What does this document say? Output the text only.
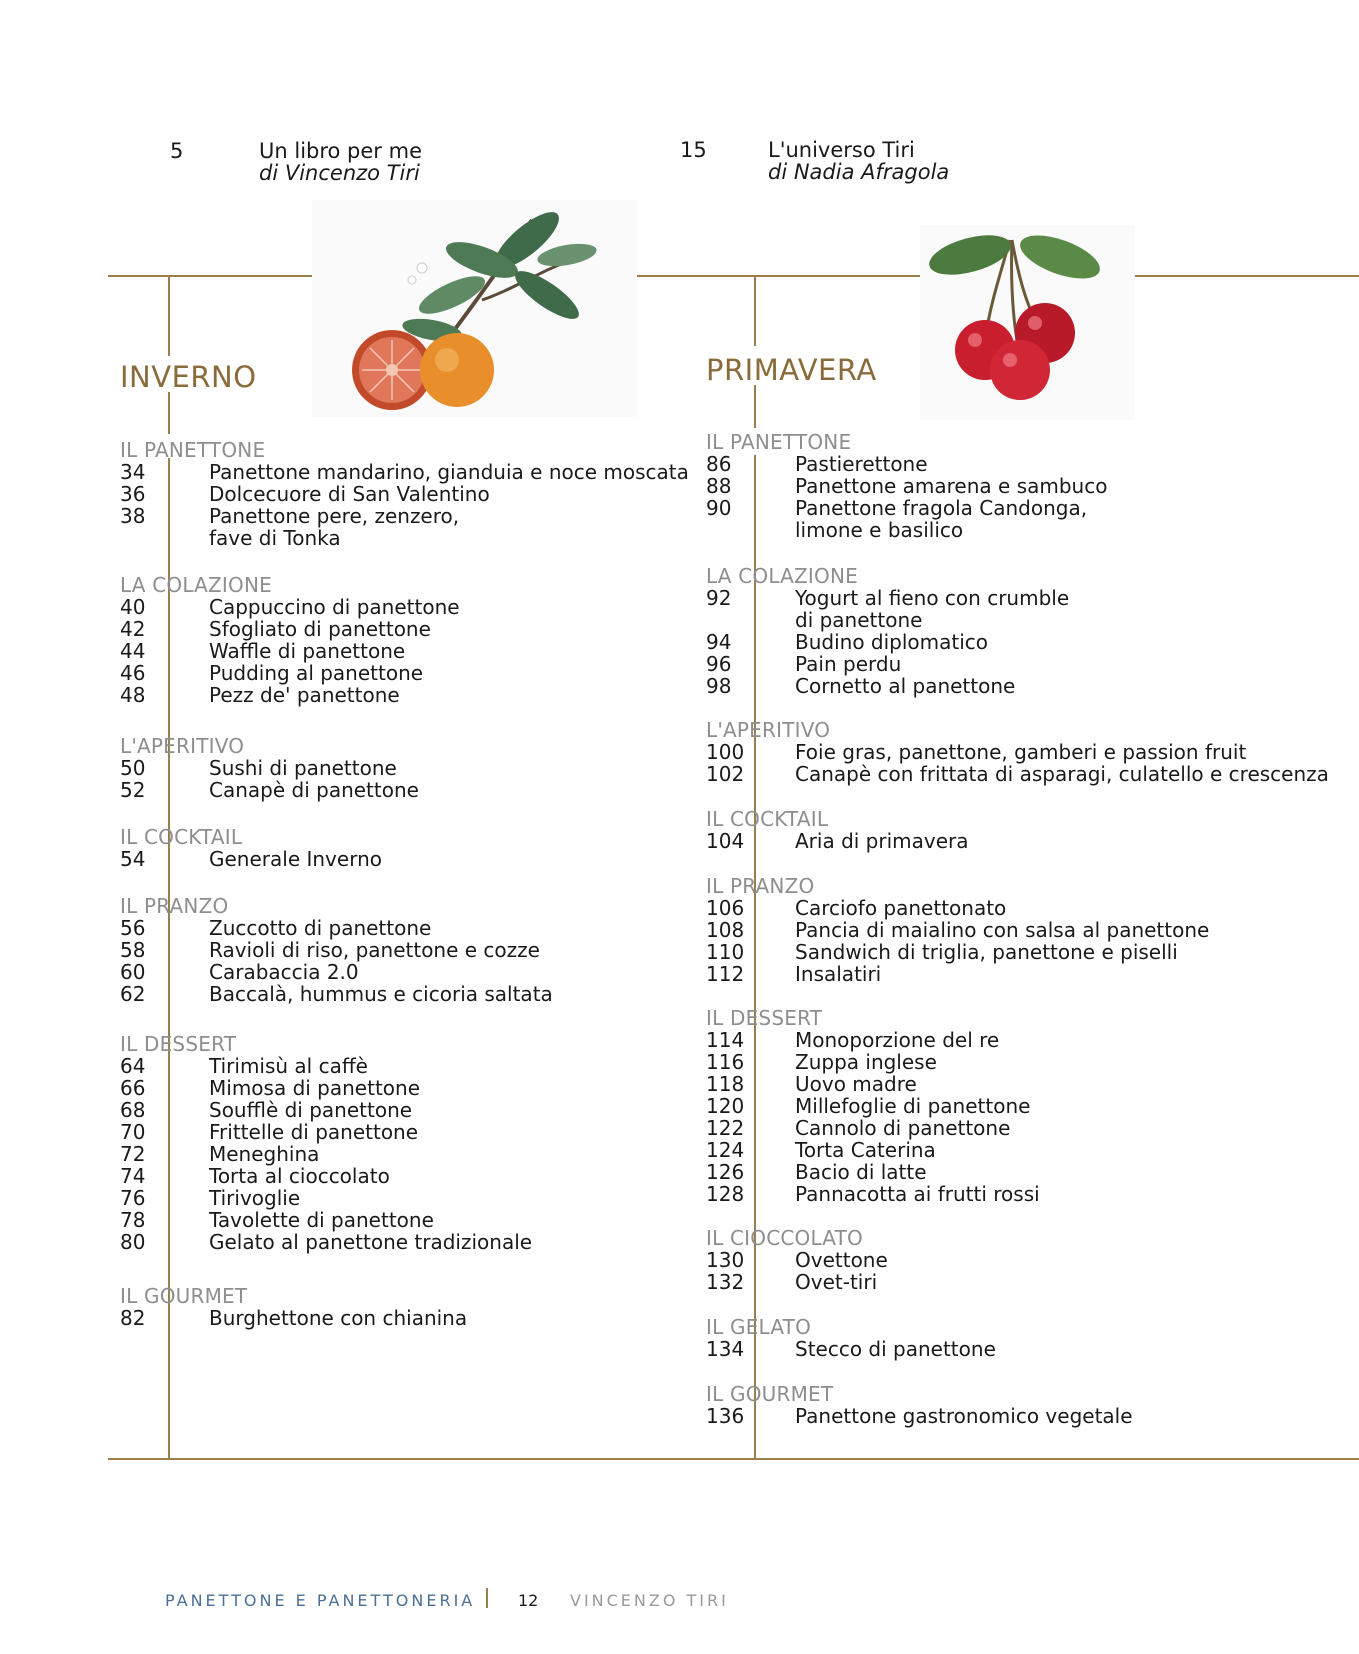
5	Un libro per me
di Vincenzo Tiri
15	L'universo Tiri
di Nadia Afragola
INVERNO	PRIMAVERA
IL PANETTONE
34	Panettone mandarino, gianduia e noce moscata
36	Dolcecuore di San Valentino
38	Panettone pere, zenzero,
fave di Tonka
LA COLAZIONE
40	Cappuccino di panettone
42	Sfogliato di panettone
44	Waffle di panettone
46	Pudding al panettone
48	Pezz de' panettone
L'APERITIVO
50	Sushi di panettone
52	Canapè di panettone
IL COCKTAIL
54	Generale Inverno
IL PRANZO
56	Zuccotto di panettone
58	Ravioli di riso, panettone e cozze
60	Carabaccia 2.0
62	Baccalà, hummus e cicoria saltata
IL DESSERT
64	Tirimisù al caffè
66	Mimosa di panettone
68	Soufflè di panettone
70	Frittelle di panettone
72	Meneghina
74	Torta al cioccolato
76	Tirivoglie
78	Tavolette di panettone
80	Gelato al panettone tradizionale
IL GOURMET
82	Burghettone con chianina
IL PANETTONE
86	Pastierettone
88	Panettone amarena e sambuco
90	Panettone fragola Candonga,
limone e basilico
LA COLAZIONE
92	Yogurt al fieno con crumble
di panettone
94	Budino diplomatico
96	Pain perdu
98	Cornetto al panettone
L'APERITIVO
100	Foie gras, panettone, gamberi e passion fruit
102	Canapè con frittata di asparagi, culatello e crescenza
IL COCKTAIL
104	Aria di primavera
IL PRANZO
106	Carciofo panettonato
108	Pancia di maialino con salsa al panettone
110	Sandwich di triglia, panettone e piselli
112	Insalatiri
IL DESSERT
114	Monoporzione del re
116	Zuppa inglese
118	Uovo madre
120	Millefoglie di panettone
122	Cannolo di panettone
124	Torta Caterina
126	Bacio di latte
128	Pannacotta ai frutti rossi
IL CIOCCOLATO
130	Ovettone
132	Ovet-tiri
IL GELATO
134	Stecco di panettone
IL GOURMET
136	Panettone gastronomico vegetale
PANETTONE E PANETTONERIA	12 VINCENZO TIRI
